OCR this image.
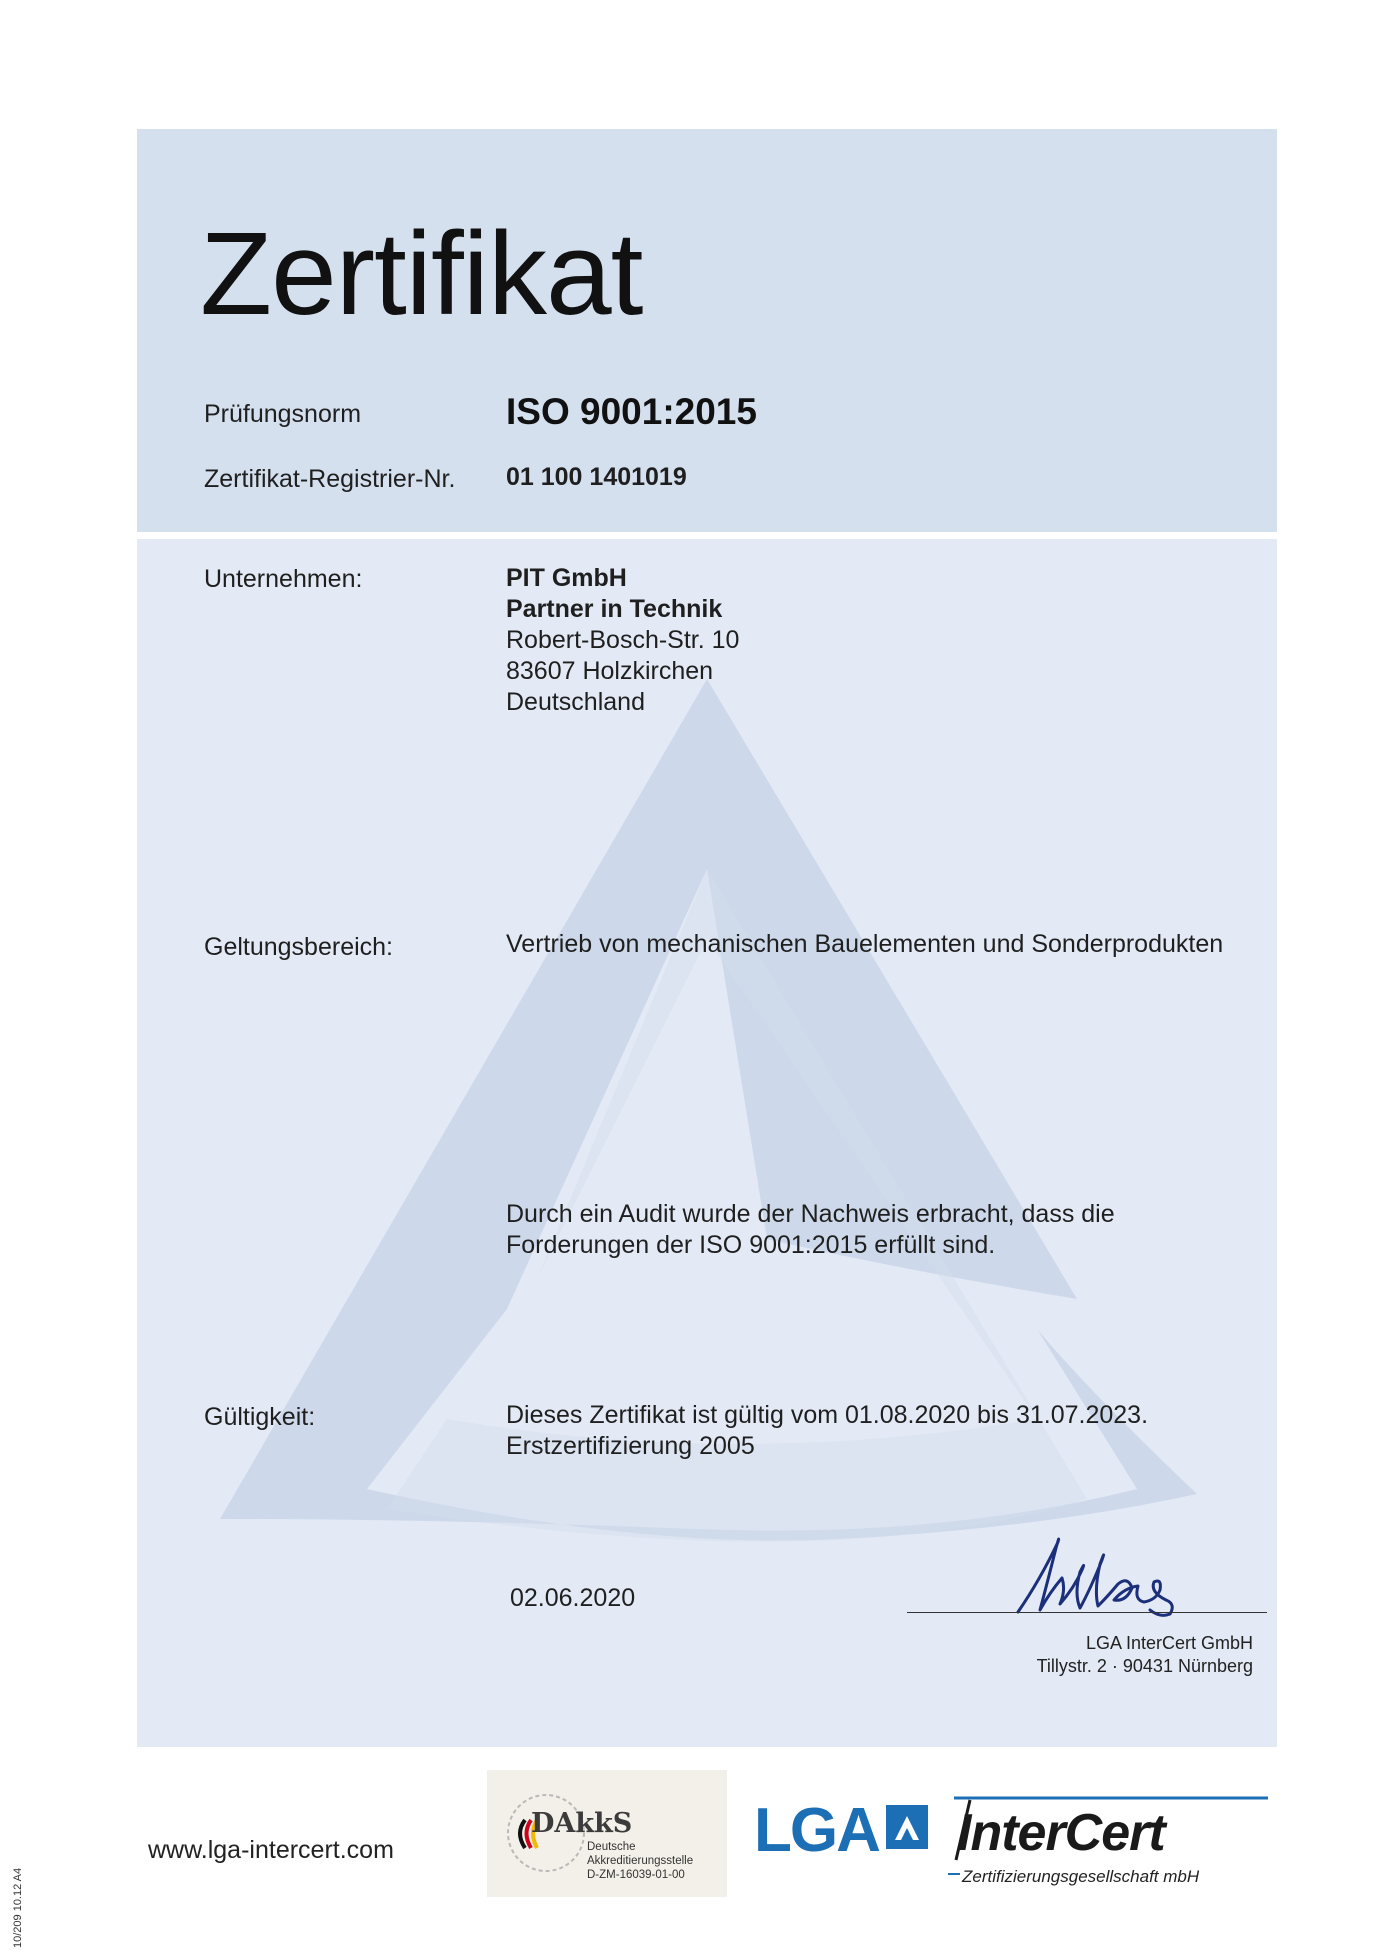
Zertifikat
Prüfungsnorm	ISO 9001:2015
Zertifikat-Registrier-Nr. 01 100 1401019
Unternehmen:	PIT GmbH
Partner in Technik
Robert-Bosch-Str. 10
83607 Holzkirchen
Deutschland
Geltungsbereich:	Vertrieb von mechanischen Bauelementen und Sonderprodukten
Durch ein Audit wurde der Nachweis erbracht, dass die
Forderungen der ISO 9001:2015 erfüllt sind.
Gültigkeit:	Dieses Zertifikat ist gültig vom 01.08.2020 bis 31.07.2023.
Erstzertifizierung 2005
02.06.2020
LGA InterCert GmbH
Tillystr. 2 · 90431 Nürnberg
www.lga-intercert.com
DAkkS
Deutsche
Akkreditierungsstelle
D-ZM-16039-01-00
LGA InterCert
Zertifizierungsgesellschaft mbH
10/209 10.12 A4
